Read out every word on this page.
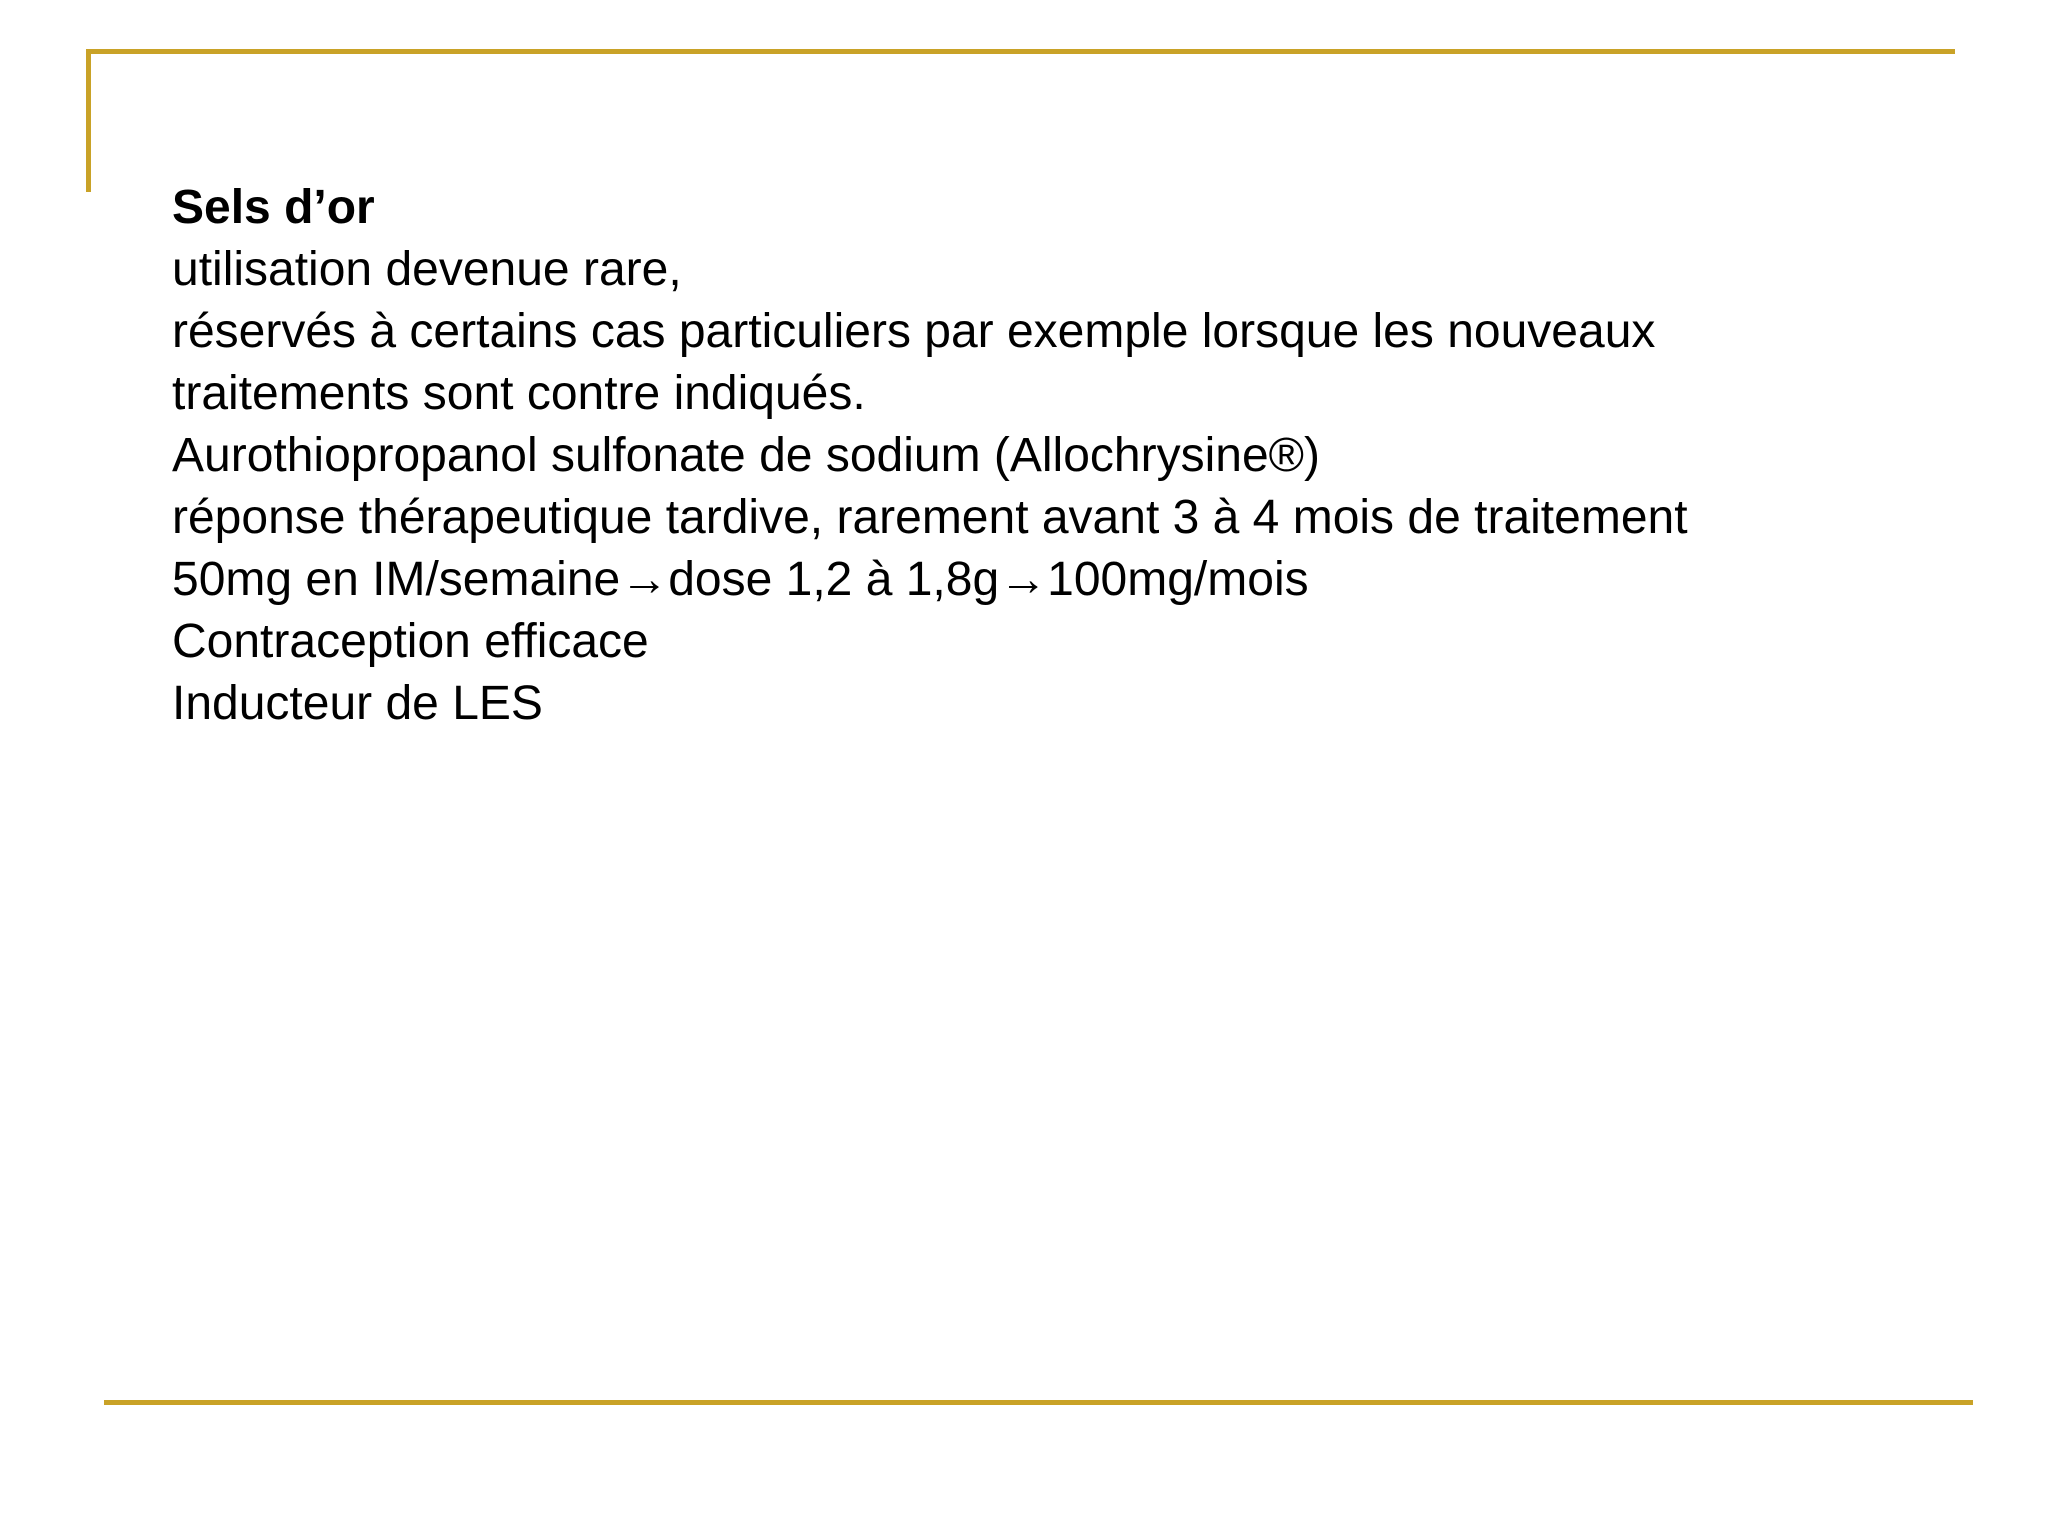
Sels d’or
utilisation devenue rare,
réservés à certains cas particuliers par exemple lorsque les nouveaux
traitements sont contre indiqués.
Aurothiopropanol sulfonate de sodium (Allochrysine®)
réponse thérapeutique tardive, rarement avant 3 à 4 mois de traitement
50mg en IM/semaine→dose 1,2 à 1,8g→100mg/mois
Contraception efficace
Inducteur de LES
